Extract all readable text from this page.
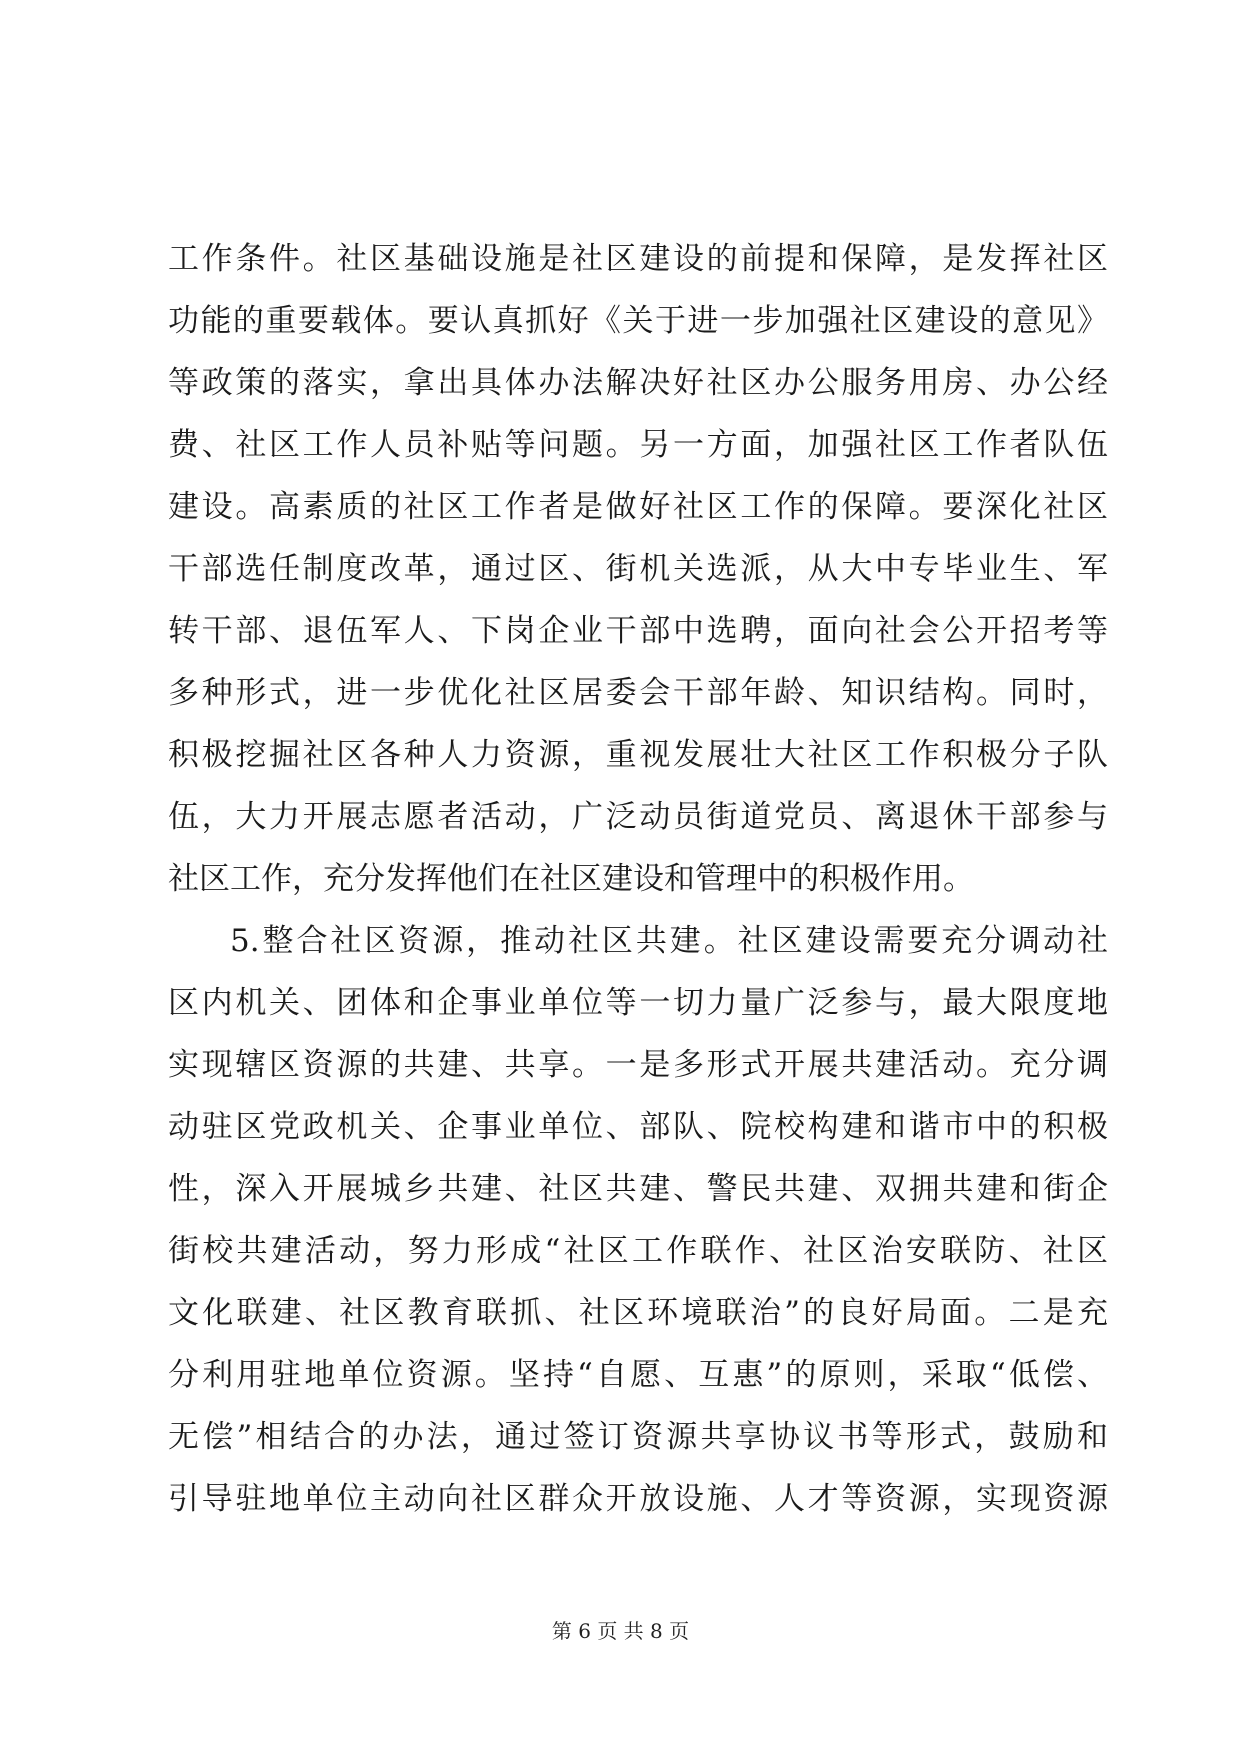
工作条件。社区基础设施是社区建设的前提和保障，是发挥社区
功能的重要载体。要认真抓好《关于进一步加强社区建设的意见》
等政策的落实，拿出具体办法解决好社区办公服务用房、办公经
费、社区工作人员补贴等问题。另一方面，加强社区工作者队伍
建设。高素质的社区工作者是做好社区工作的保障。要深化社区
干部选任制度改革，通过区、街机关选派，从大中专毕业生、军
转干部、退伍军人、下岗企业干部中选聘，面向社会公开招考等
多种形式，进一步优化社区居委会干部年龄、知识结构。同时，
积极挖掘社区各种人力资源，重视发展壮大社区工作积极分子队
伍，大力开展志愿者活动，广泛动员街道党员、离退休干部参与
社区工作，充分发挥他们在社区建设和管理中的积极作用。
5.整合社区资源，推动社区共建。社区建设需要充分调动社
区内机关、团体和企事业单位等一切力量广泛参与，最大限度地
实现辖区资源的共建、共享。一是多形式开展共建活动。充分调
动驻区党政机关、企事业单位、部队、院校构建和谐市中的积极
性，深入开展城乡共建、社区共建、警民共建、双拥共建和街企
街校共建活动，努力形成“社区工作联作、社区治安联防、社区
文化联建、社区教育联抓、社区环境联治”的良好局面。二是充
分利用驻地单位资源。坚持“自愿、互惠”的原则，采取“低偿、
无偿”相结合的办法，通过签订资源共享协议书等形式，鼓励和
引导驻地单位主动向社区群众开放设施、人才等资源，实现资源
第 6 页 共 8 页
